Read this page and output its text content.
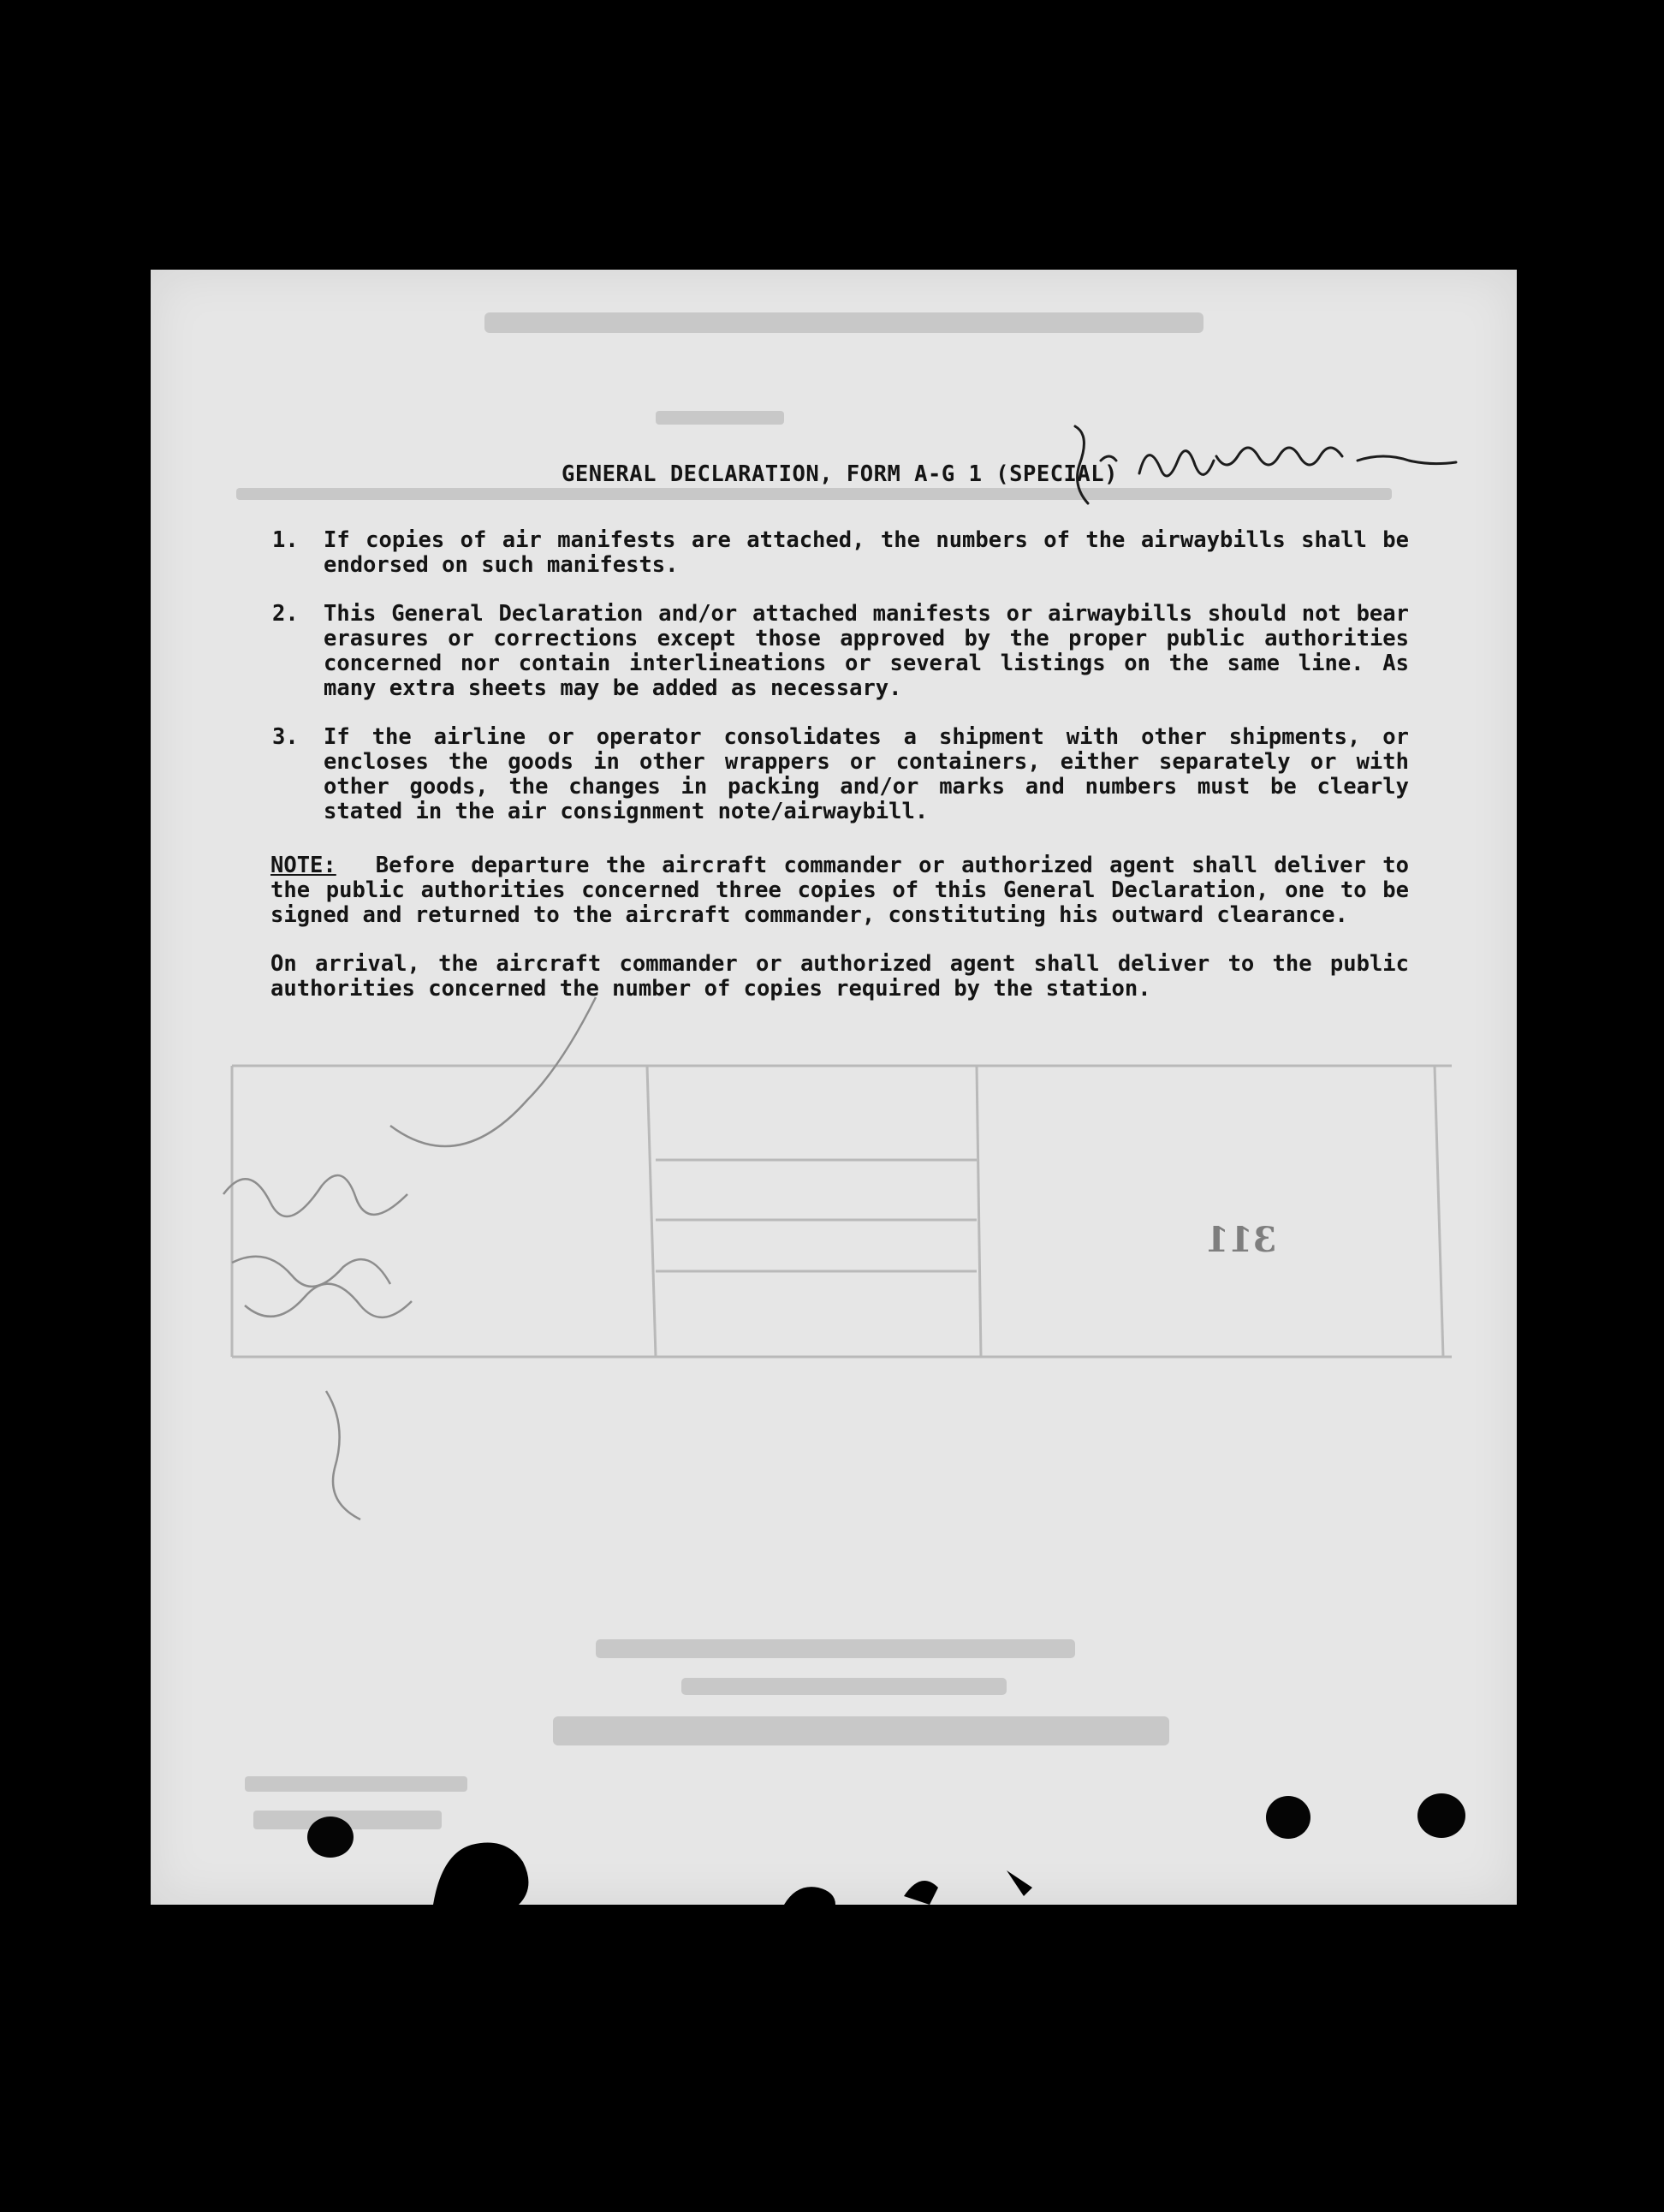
GENERAL DECLARATION, FORM A-G 1 (SPECIAL)
1.	If copies of air manifests are attached, the numbers of the airwaybills shall be endorsed on such manifests.
2.	This General Declaration and/or attached manifests or airwaybills should not bear erasures or corrections except those approved by the proper public authorities concerned nor contain interlineations or several listings on the same line. As many extra sheets may be added as necessary.
3.	If the airline or operator consolidates a shipment with other shipments, or encloses the goods in other wrappers or containers, either separately or with other goods, the changes in packing and/or marks and numbers must be clearly stated in the air consignment note/airwaybill.
NOTE: Before departure the aircraft commander or authorized agent shall deliver to the public authorities concerned three copies of this General Declaration, one to be signed and returned to the aircraft commander, constituting his outward clearance.
On arrival, the aircraft commander or authorized agent shall deliver to the public authorities concerned the number of copies required by the station.
311
